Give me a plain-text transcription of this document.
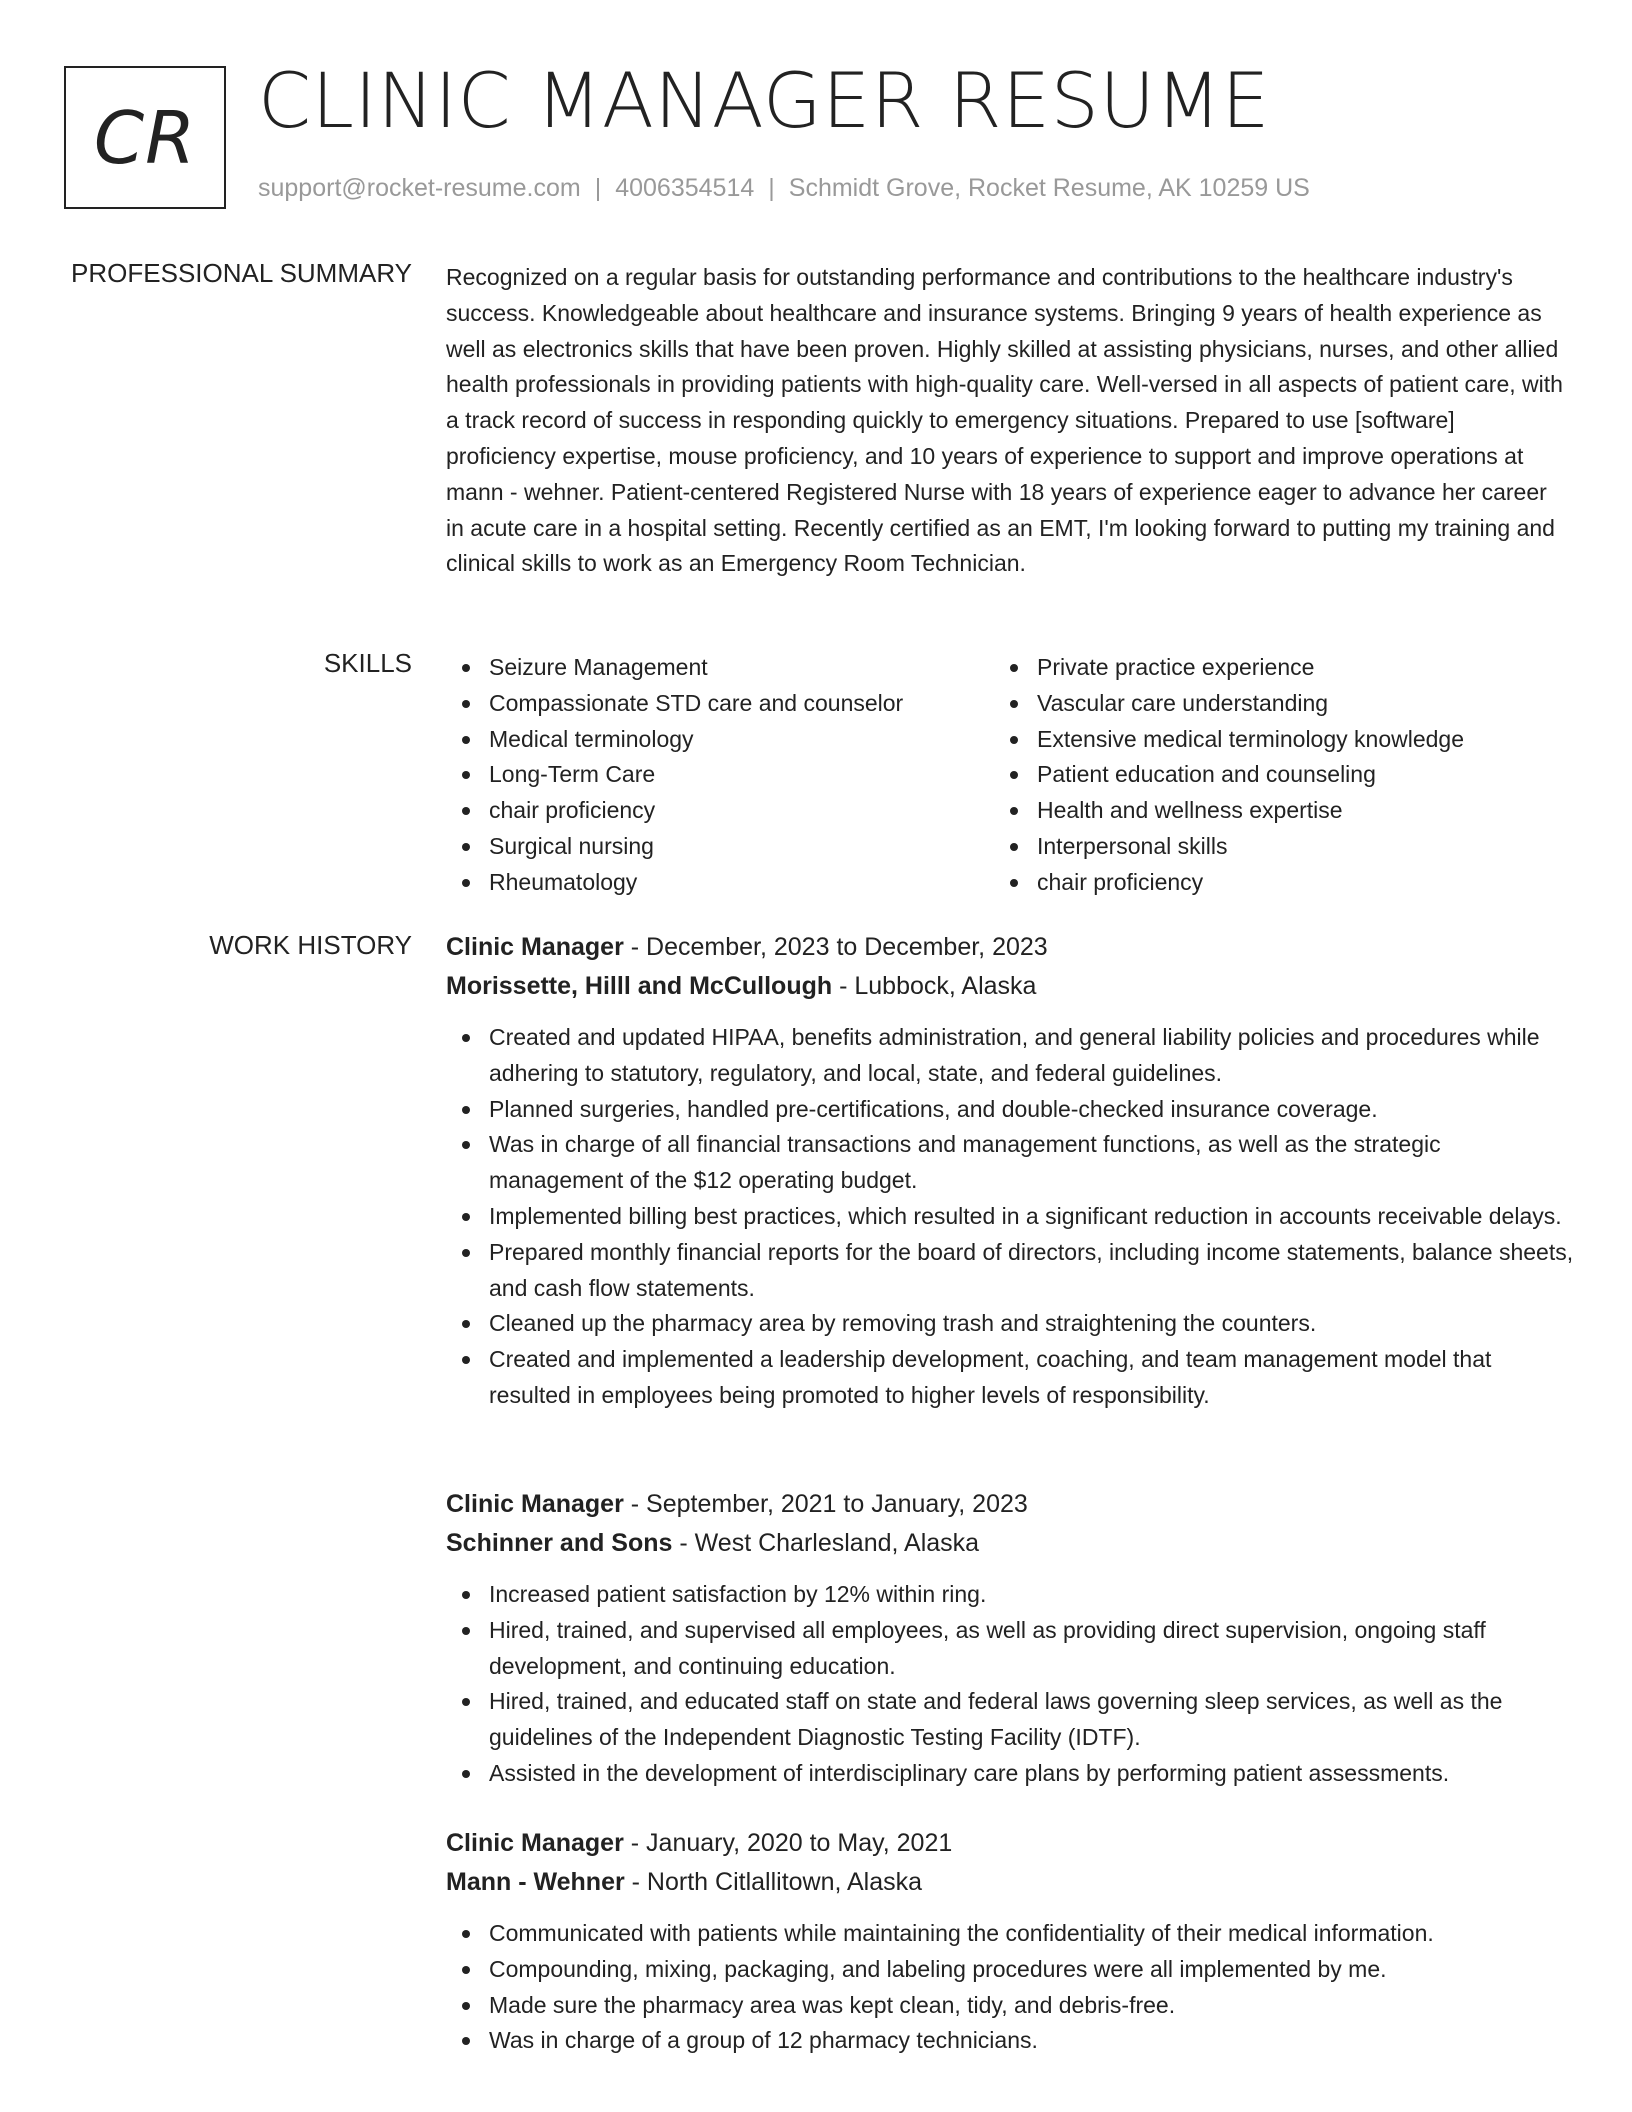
CR CLINIC MANAGER RESUME
support@rocket-resume.com | 4006354514 | Schmidt Grove, Rocket Resume, AK 10259 US
PROFESSIONAL SUMMARY Recognized on a regular basis for outstanding performance and contributions to the healthcare industry's success. Knowledgeable about healthcare and insurance systems. Bringing 9 years of health experience as well as electronics skills that have been proven. Highly skilled at assisting physicians, nurses, and other allied health professionals in providing patients with high-quality care. Well-versed in all aspects of patient care, with a track record of success in responding quickly to emergency situations. Prepared to use [software] proficiency expertise, mouse proficiency, and 10 years of experience to support and improve operations at mann - wehner. Patient-centered Registered Nurse with 18 years of experience eager to advance her career in acute care in a hospital setting. Recently certified as an EMT, I'm looking forward to putting my training and clinical skills to work as an Emergency Room Technician.
SKILLS	Seizure Management
Compassionate STD care and counselor
Medical terminology
Long-Term Care
chair proficiency
Surgical nursing
Rheumatology
Private practice experience
Vascular care understanding
Extensive medical terminology knowledge
Patient education and counseling
Health and wellness expertise
Interpersonal skills
chair proficiency
WORK HISTORY Clinic Manager - December, 2023 to December, 2023
Morissette, Hilll and McCullough - Lubbock, Alaska
Created and updated HIPAA, benefits administration, and general liability policies and procedures while adhering to statutory, regulatory, and local, state, and federal guidelines.
Planned surgeries, handled pre-certifications, and double-checked insurance coverage.
Was in charge of all financial transactions and management functions, as well as the strategic management of the $12 operating budget.
Implemented billing best practices, which resulted in a significant reduction in accounts receivable delays.
Prepared monthly financial reports for the board of directors, including income statements, balance sheets, and cash flow statements.
Cleaned up the pharmacy area by removing trash and straightening the counters.
Created and implemented a leadership development, coaching, and team management model that resulted in employees being promoted to higher levels of responsibility.
Clinic Manager - September, 2021 to January, 2023
Schinner and Sons - West Charlesland, Alaska
Increased patient satisfaction by 12% within ring.
Hired, trained, and supervised all employees, as well as providing direct supervision, ongoing staff development, and continuing education.
Hired, trained, and educated staff on state and federal laws governing sleep services, as well as the guidelines of the Independent Diagnostic Testing Facility (IDTF).
Assisted in the development of interdisciplinary care plans by performing patient assessments.
Clinic Manager - January, 2020 to May, 2021
Mann - Wehner - North Citlallitown, Alaska
Communicated with patients while maintaining the confidentiality of their medical information.
Compounding, mixing, packaging, and labeling procedures were all implemented by me.
Made sure the pharmacy area was kept clean, tidy, and debris-free.
Was in charge of a group of 12 pharmacy technicians.
